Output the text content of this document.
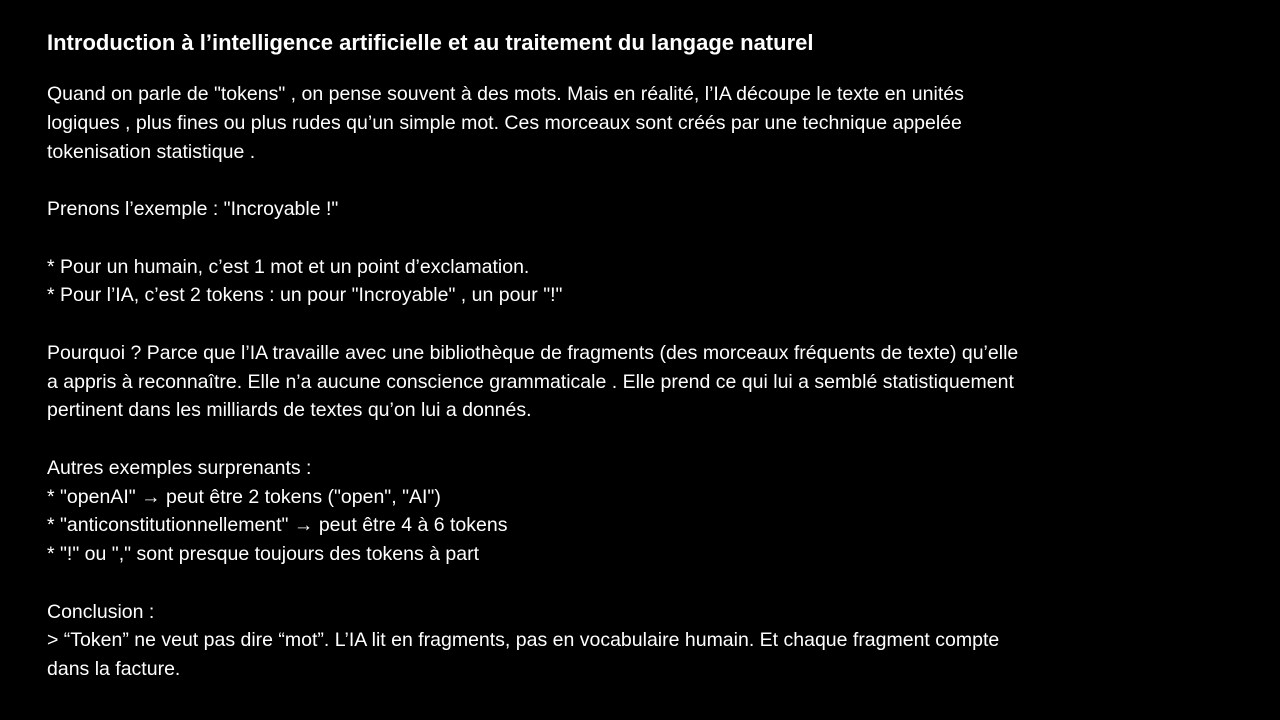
Introduction à l’intelligence artificielle et au traitement du langage naturel
Quand on parle de "tokens" , on pense souvent à des mots. Mais en réalité, l’IA découpe le texte en unités
logiques , plus fines ou plus rudes qu’un simple mot. Ces morceaux sont créés par une technique appelée
tokenisation statistique .
Prenons l’exemple : "Incroyable !"
* Pour un humain, c’est 1 mot et un point d’exclamation.
* Pour l’IA, c’est 2 tokens : un pour "Incroyable" , un pour "!"
Pourquoi ? Parce que l’IA travaille avec une bibliothèque de fragments (des morceaux fréquents de texte) qu’elle
a appris à reconnaître. Elle n’a aucune conscience grammaticale . Elle prend ce qui lui a semblé statistiquement
pertinent dans les milliards de textes qu’on lui a donnés.
Autres exemples surprenants :
* "openAI" → peut être 2 tokens ("open", "AI")
* "anticonstitutionnellement" → peut être 4 à 6 tokens
* "!" ou "," sont presque toujours des tokens à part
Conclusion :
> “Token” ne veut pas dire “mot”. L’IA lit en fragments, pas en vocabulaire humain. Et chaque fragment compte
dans la facture.
